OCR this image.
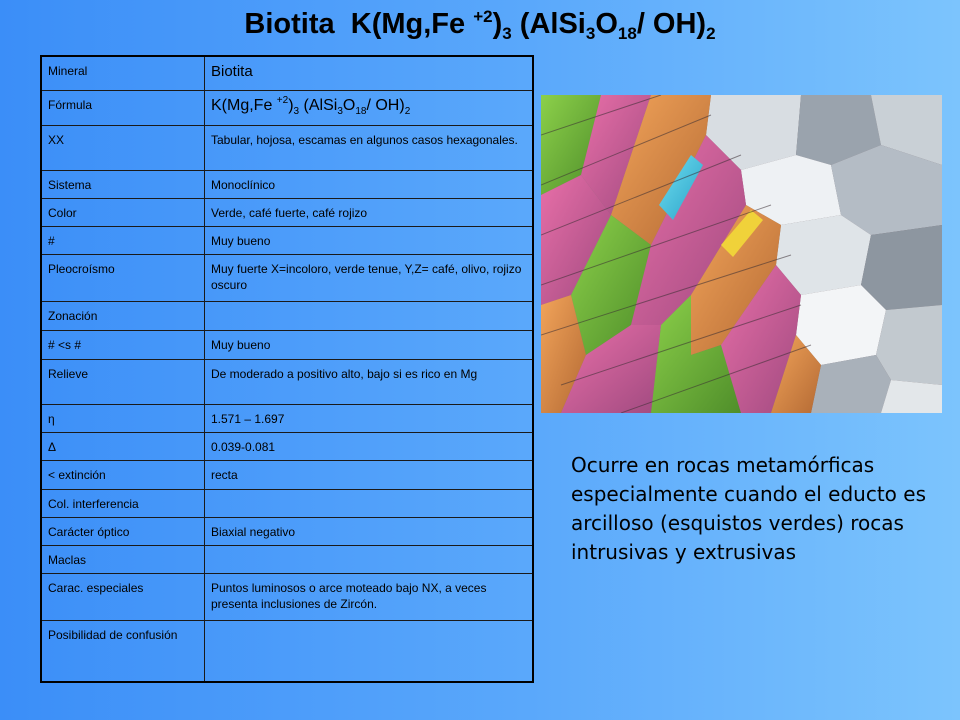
Biotita K(Mg,Fe $^{+2})_3$ ($AlSi_3O_{18}/$ $OH)_2$
Mineral	Biotita
Fórmula	K(Mg,Fe $^{+2})_3$ ($AlSi_3O_{18}/$ $OH)_2$
XX	Tabular, hojosa, escamas en algunos casos hexagonales.
Sistema	Monoclínico
Color	Verde, café fuerte, café rojizo
#	Muy bueno
Pleocroísmo	Muy fuerte X=incoloro, verde tenue, Y,Z= café, olivo, rojizo oscuro
Zonación	
# <s #	Muy bueno
Relieve	De moderado a positivo alto, bajo si es rico en Mg
η	1.571 – 1.697
Δ	0.039-0.081
< extinción	recta
Col. interferencia	
Carácter óptico	Biaxial negativo
Maclas	
Carac. especiales	Puntos luminosos o arce moteado bajo NX, a veces presenta inclusiones de Zircón.
Posibilidad de confusión	
Ocurre en rocas metamórficas especialmente cuando el educto es arcilloso (esquistos verdes) rocas intrusivas y extrusivas
